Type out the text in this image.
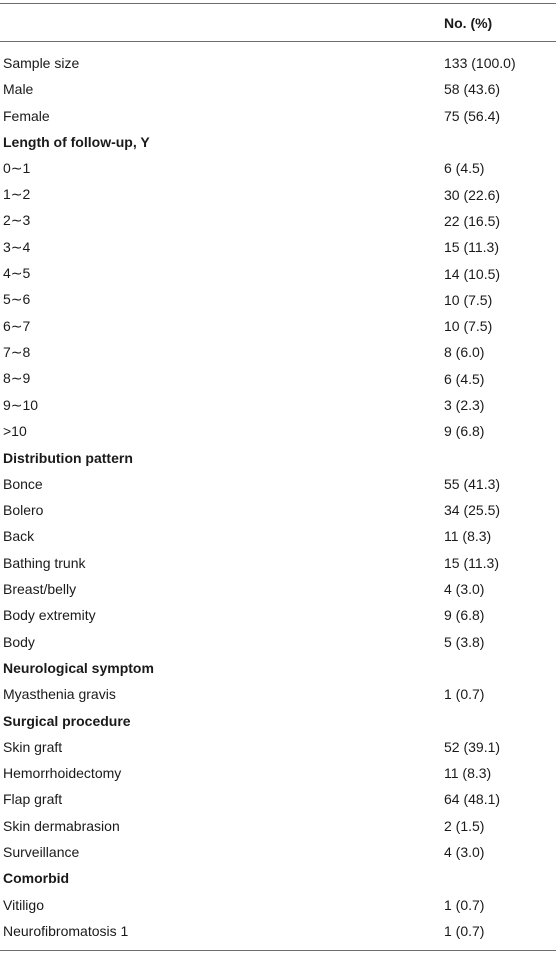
No. (%)
Sample size	133 (100.0)
Male	58 (43.6)
Female	75 (56.4)
Length of follow-up, Y
0∼1	6 (4.5)
1∼2	30 (22.6)
2∼3	22 (16.5)
3∼4	15 (11.3)
4∼5	14 (10.5)
5∼6	10 (7.5)
6∼7	10 (7.5)
7∼8	8 (6.0)
8∼9	6 (4.5)
9∼10	3 (2.3)
>10	9 (6.8)
Distribution pattern
Bonce	55 (41.3)
Bolero	34 (25.5)
Back	11 (8.3)
Bathing trunk	15 (11.3)
Breast/belly	4 (3.0)
Body extremity	9 (6.8)
Body	5 (3.8)
Neurological symptom
Myasthenia gravis	1 (0.7)
Surgical procedure
Skin graft	52 (39.1)
Hemorrhoidectomy	11 (8.3)
Flap graft	64 (48.1)
Skin dermabrasion	2 (1.5)
Surveillance	4 (3.0)
Comorbid
Vitiligo	1 (0.7)
Neurofibromatosis 1	1 (0.7)
